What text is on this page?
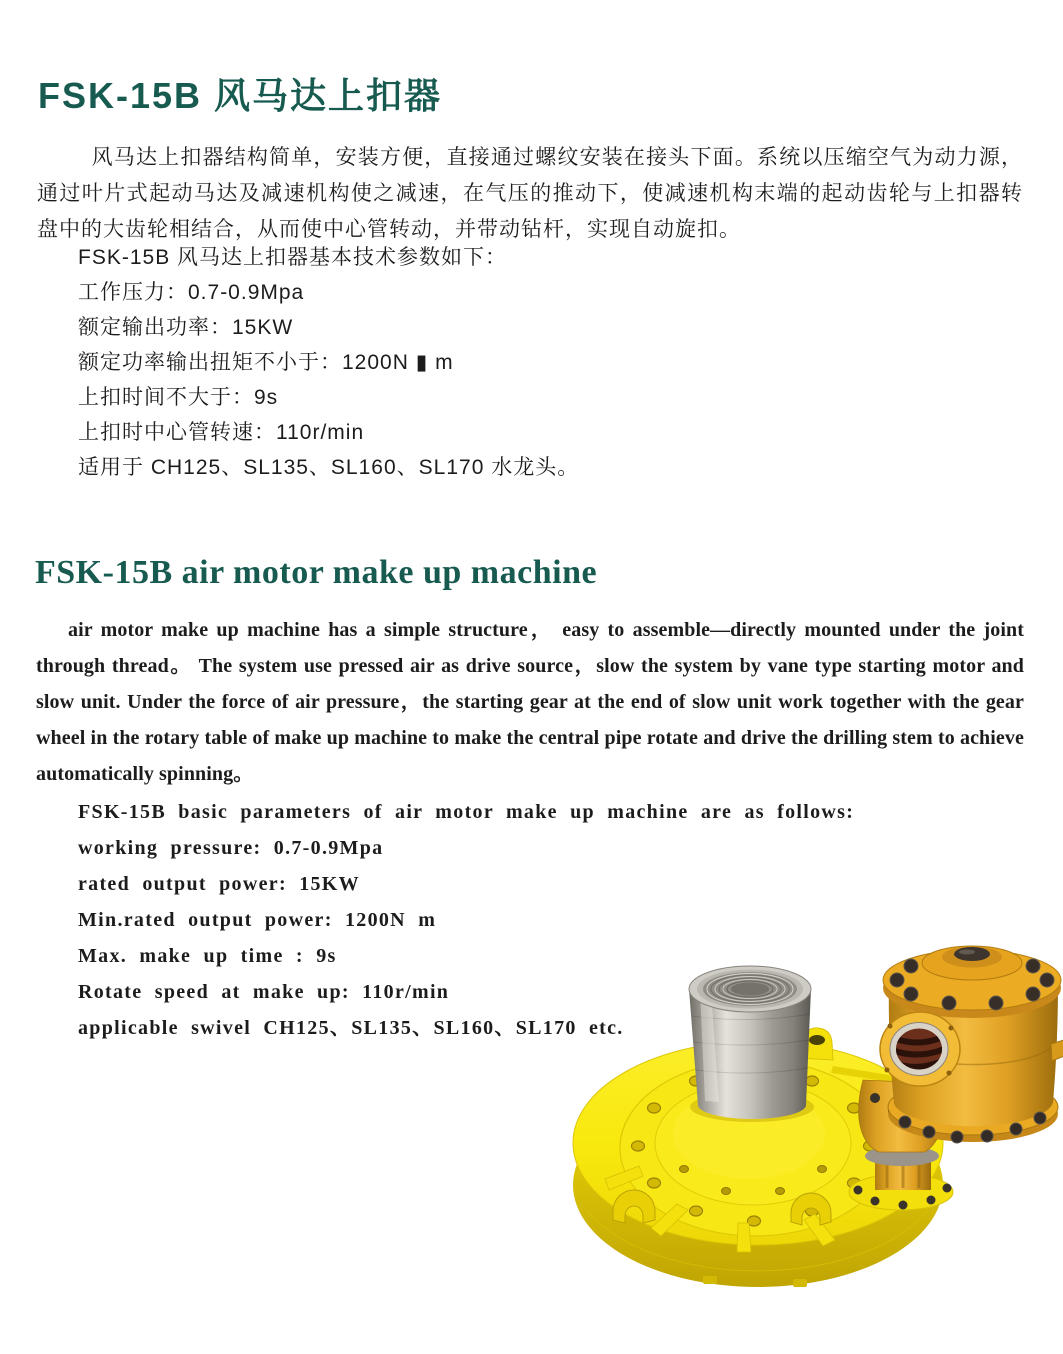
FSK-15B 风马达上扣器

风马达上扣器结构简单，安装方便，直接通过螺纹安装在接头下面。系统以压缩空气为动力源，通过叶片式起动马达及减速机构使之减速，在气压的推动下，使减速机构末端的起动齿轮与上扣器转盘中的大齿轮相结合，从而使中心管转动，并带动钻杆，实现自动旋扣。

FSK-15B 风马达上扣器基本技术参数如下：
工作压力：0.7-0.9Mpa
额定输出功率：15KW
额定功率输出扭矩不小于：1200N ▮ m
上扣时间不大于：9s
上扣时中心管转速：110r/min
适用于 CH125、SL135、SL160、SL170 水龙头。
FSK-15B air motor make up machine

air motor make up machine has a simple structure， easy to assemble—directly mounted under the joint through thread。 The system use pressed air as drive source，slow the system by vane type starting motor and slow unit. Under the force of air pressure，the starting gear at the end of slow unit work together with the gear wheel in the rotary table of make up machine to make the central pipe rotate and drive the drilling stem to achieve automatically spinning。

FSK-15B basic parameters of air motor make up machine are as follows:
working pressure: 0.7-0.9Mpa
rated output power: 15KW
Min.rated output power: 1200N m
Max. make up time : 9s
Rotate speed at make up: 110r/min
applicable swivel CH125、SL135、SL160、SL170 etc.
